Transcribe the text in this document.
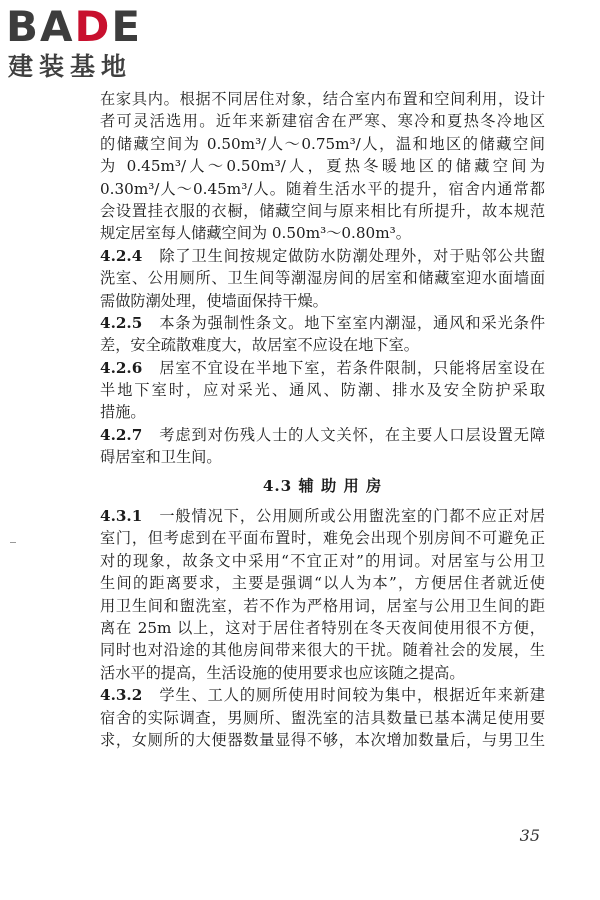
BADE
建装基地
在家具内。根据不同居住对象，结合室内布置和空间利用，设计
者可灵活选用。近年来新建宿舍在严寒、寒冷和夏热冬冷地区
的储藏空间为 0.50m³/人～0.75m³/人，温和地区的储藏空间
为 0.45m³/人～0.50m³/人，夏热冬暖地区的储藏空间为
0.30m³/人～0.45m³/人。随着生活水平的提升，宿舍内通常都
会设置挂衣服的衣橱，储藏空间与原来相比有所提升，故本规范
规定居室每人储藏空间为 0.50m³～0.80m³。
4.2.4　 除了卫生间按规定做防水防潮处理外，对于贴邻公共盥
洗室、公用厕所、卫生间等潮湿房间的居室和储藏室迎水面墙面
需做防潮处理，使墙面保持干燥。
4.2.5　 本条为强制性条文。地下室室内潮湿，通风和采光条件
差，安全疏散难度大，故居室不应设在地下室。
4.2.6　 居室不宜设在半地下室，若条件限制，只能将居室设在
半地下室时，应对采光、通风、防潮、排水及安全防护采取
措施。
4.2.7　 考虑到对伤残人士的人文关怀，在主要人口层设置无障
碍居室和卫生间。
4.3 辅 助 用 房
4.3.1　 一般情况下，公用厕所或公用盥洗室的门都不应正对居
室门，但考虑到在平面布置时，难免会出现个别房间不可避免正
对的现象，故条文中采用“不宜正对”的用词。对居室与公用卫
生间的距离要求，主要是强调“以人为本”，方便居住者就近使
用卫生间和盥洗室，若不作为严格用词，居室与公用卫生间的距
离在 25m 以上，这对于居住者特别在冬天夜间使用很不方便，
同时也对沿途的其他房间带来很大的干扰。随着社会的发展，生
活水平的提高，生活设施的使用要求也应该随之提高。
4.3.2　 学生、工人的厕所使用时间较为集中，根据近年来新建
宿舍的实际调查，男厕所、盥洗室的洁具数量已基本满足使用要
求，女厕所的大便器数量显得不够，本次增加数量后，与男卫生
35
